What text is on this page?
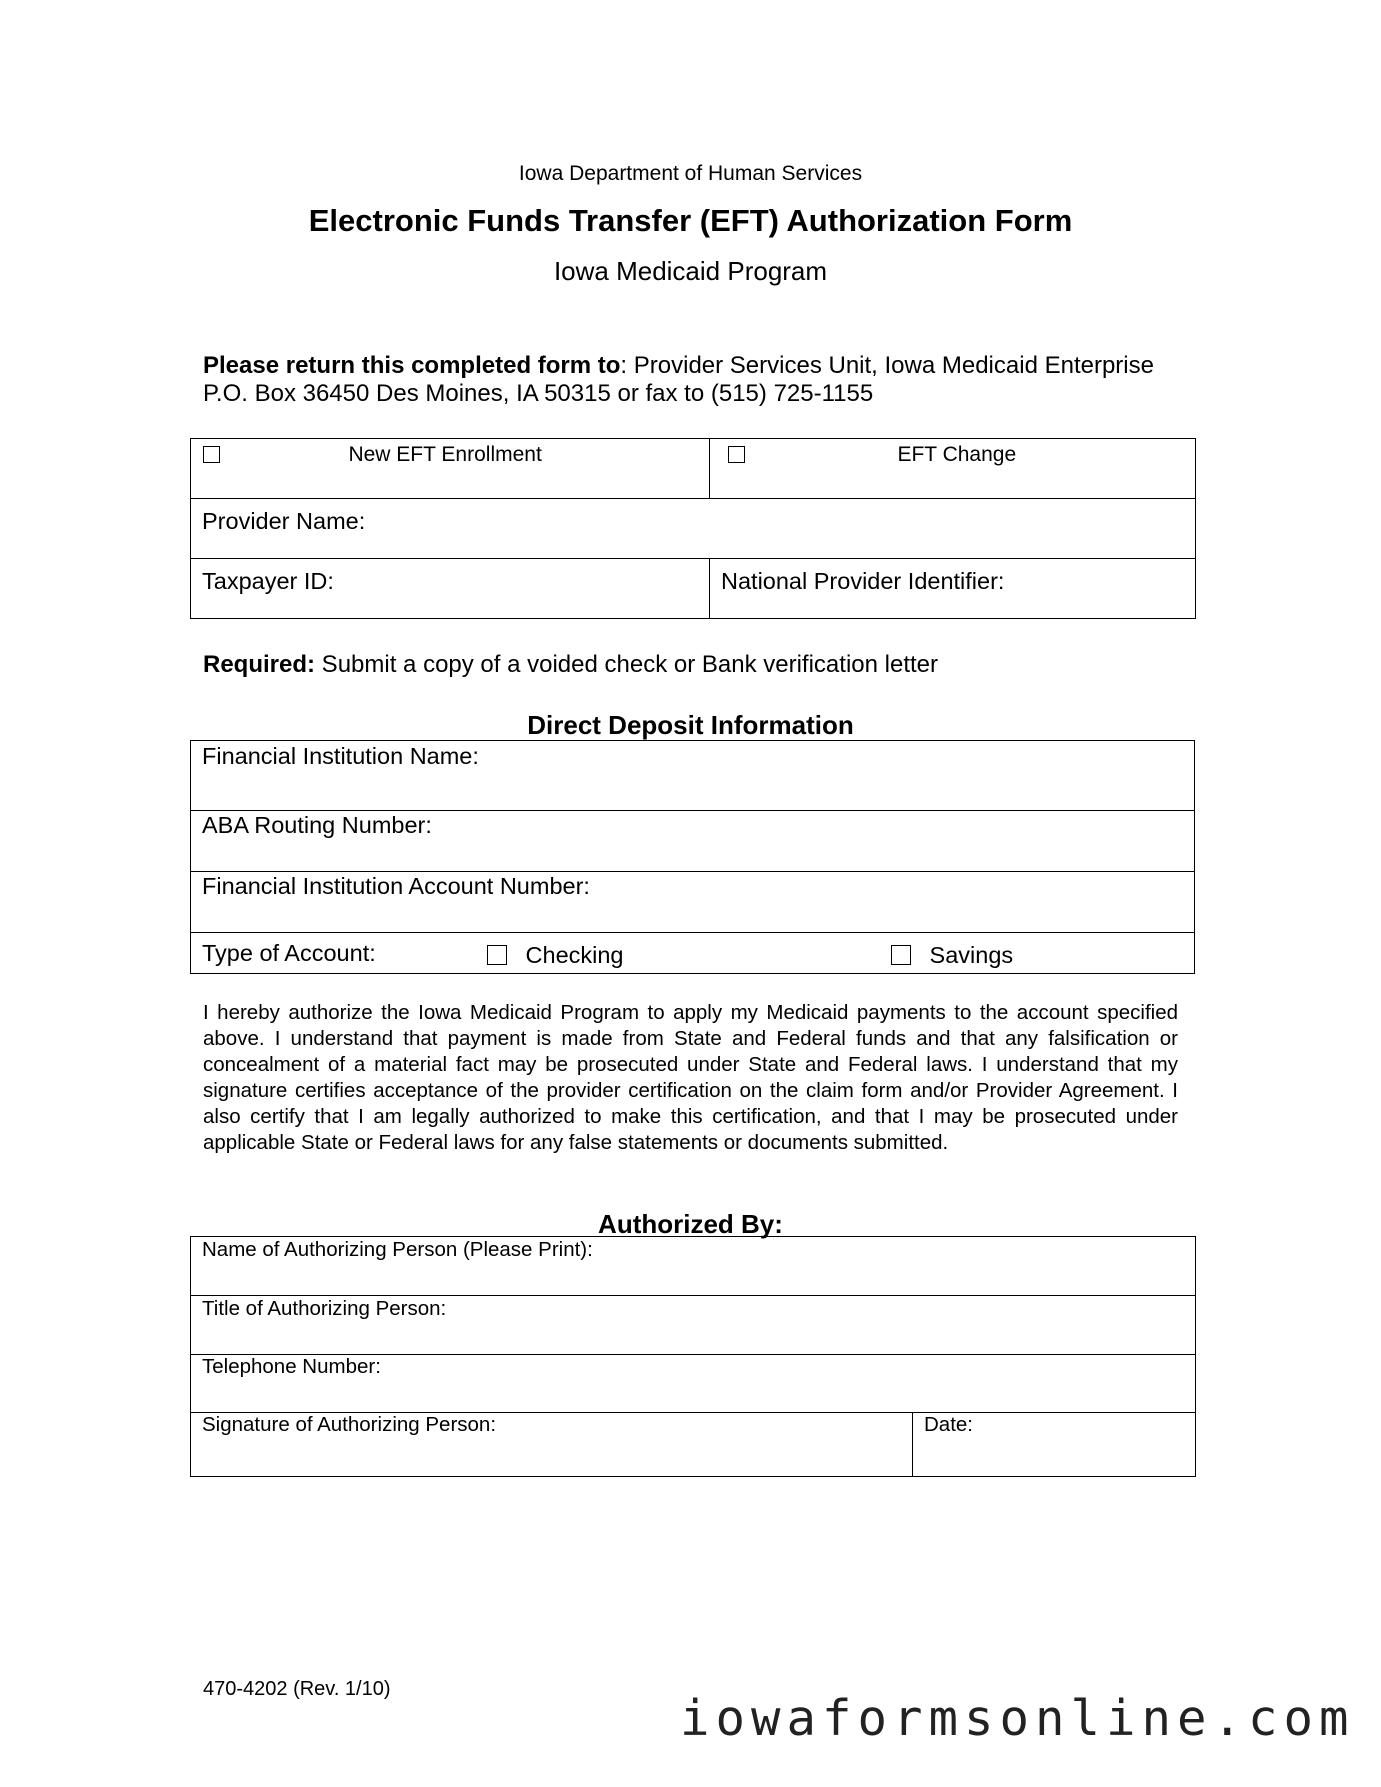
Iowa Department of Human Services
Electronic Funds Transfer (EFT) Authorization Form
Iowa Medicaid Program
Please return this completed form to: Provider Services Unit, Iowa Medicaid Enterprise P.O. Box 36450 Des Moines, IA 50315 or fax to (515) 725-1155
New EFT Enrollment	EFT Change
Provider Name:	
Taxpayer ID:	National Provider Identifier:
Required: Submit a copy of a voided check or Bank verification letter
Direct Deposit Information
Financial Institution Name:
ABA Routing Number:
Financial Institution Account Number:
Type of Account:	Checking	Savings
I hereby authorize the Iowa Medicaid Program to apply my Medicaid payments to the account specified above. I understand that payment is made from State and Federal funds and that any falsification or concealment of a material fact may be prosecuted under State and Federal laws. I understand that my signature certifies acceptance of the provider certification on the claim form and/or Provider Agreement. I also certify that I am legally authorized to make this certification, and that I may be prosecuted under applicable State or Federal laws for any false statements or documents submitted.
Authorized By:
Name of Authorizing Person (Please Print):
Title of Authorizing Person:
Telephone Number:
Signature of Authorizing Person:	Date:
470-4202 (Rev. 1/10)
iowaformsonline.com
